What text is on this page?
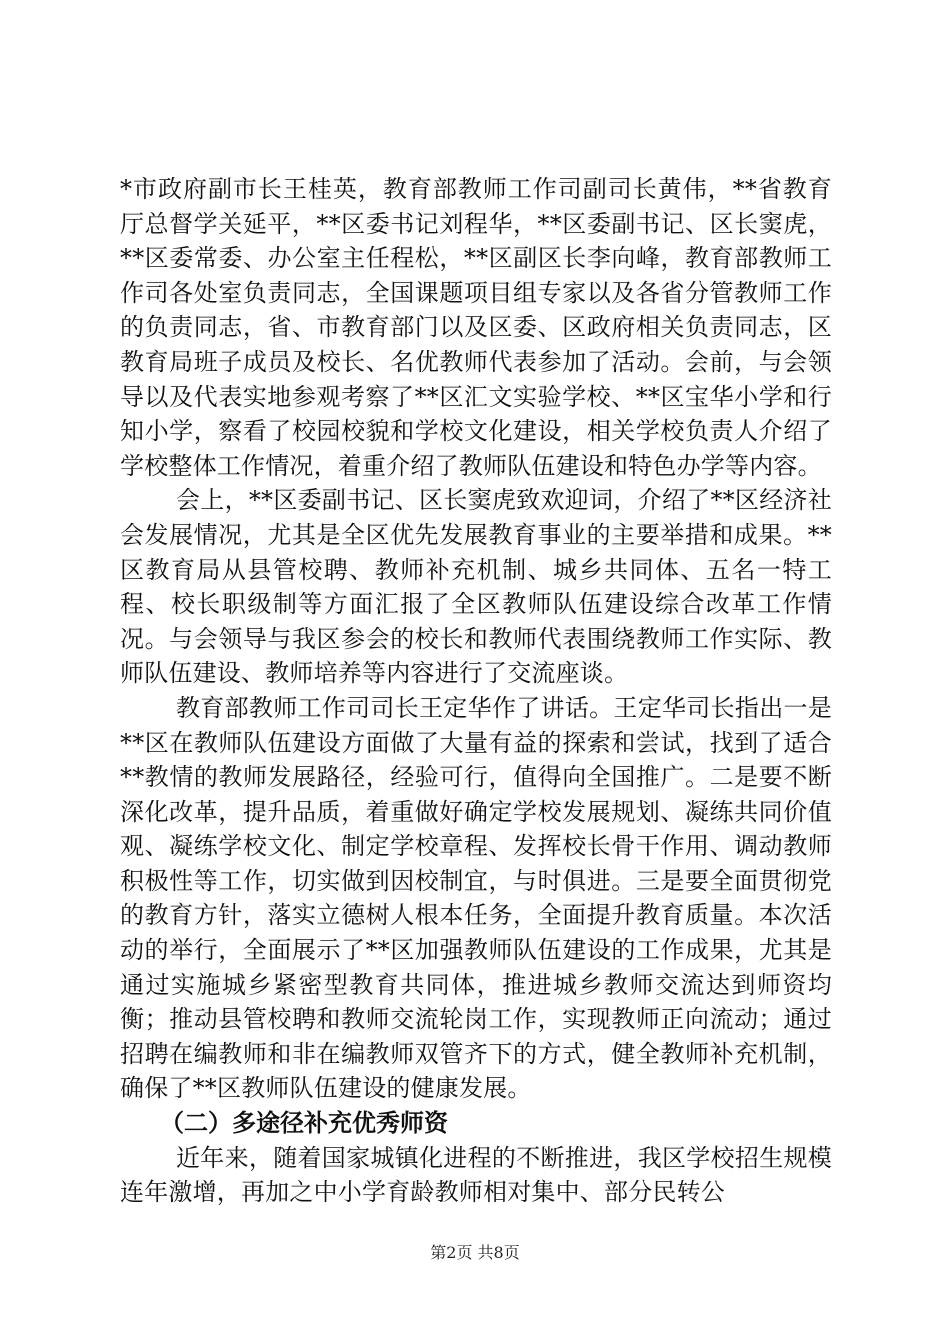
*市政府副市长王桂英，教育部教师工作司副司长黄伟，**省教育厅总督学关延平，**区委书记刘程华，**区委副书记、区长窦虎，**区委常委、办公室主任程松，**区副区长李向峰，教育部教师工作司各处室负责同志，全国课题项目组专家以及各省分管教师工作的负责同志，省、市教育部门以及区委、区政府相关负责同志，区教育局班子成员及校长、名优教师代表参加了活动。会前，与会领导以及代表实地参观考察了**区汇文实验学校、**区宝华小学和行知小学，察看了校园校貌和学校文化建设，相关学校负责人介绍了学校整体工作情况，着重介绍了教师队伍建设和特色办学等内容。

会上，**区委副书记、区长窦虎致欢迎词，介绍了**区经济社会发展情况，尤其是全区优先发展教育事业的主要举措和成果。**区教育局从县管校聘、教师补充机制、城乡共同体、五名一特工程、校长职级制等方面汇报了全区教师队伍建设综合改革工作情况。与会领导与我区参会的校长和教师代表围绕教师工作实际、教师队伍建设、教师培养等内容进行了交流座谈。

教育部教师工作司司长王定华作了讲话。王定华司长指出一是**区在教师队伍建设方面做了大量有益的探索和尝试，找到了适合**教情的教师发展路径，经验可行，值得向全国推广。二是要不断深化改革，提升品质，着重做好确定学校发展规划、凝练共同价值观、凝练学校文化、制定学校章程、发挥校长骨干作用、调动教师积极性等工作，切实做到因校制宜，与时俱进。三是要全面贯彻党的教育方针，落实立德树人根本任务，全面提升教育质量。本次活动的举行，全面展示了**区加强教师队伍建设的工作成果，尤其是通过实施城乡紧密型教育共同体，推进城乡教师交流达到师资均衡；推动县管校聘和教师交流轮岗工作，实现教师正向流动；通过招聘在编教师和非在编教师双管齐下的方式，健全教师补充机制，确保了**区教师队伍建设的健康发展。

（二）多途径补充优秀师资

近年来，随着国家城镇化进程的不断推进，我区学校招生规模连年激增，再加之中小学育龄教师相对集中、部分民转公

第2页 共8页
